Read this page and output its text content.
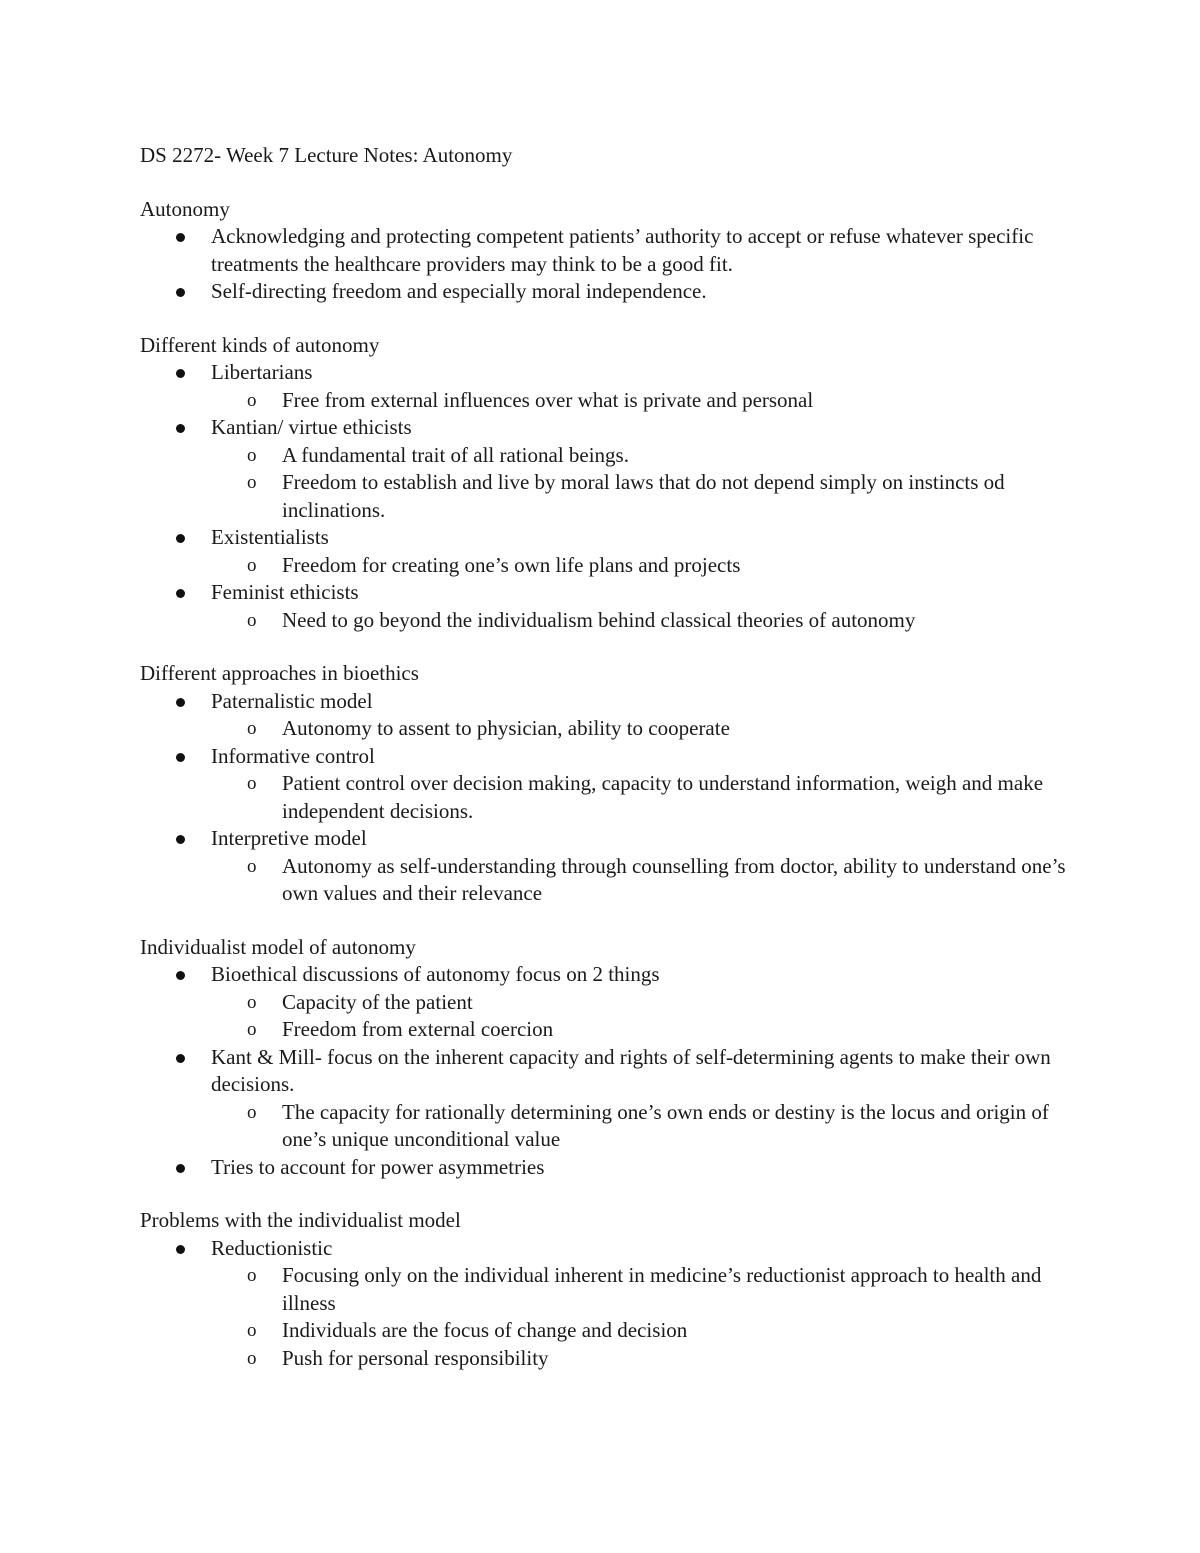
DS 2272- Week 7 Lecture Notes: Autonomy

Autonomy

Acknowledging and protecting competent patients’ authority to accept or refuse whatever specific treatments the healthcare providers may think to be a good fit.
Self-directing freedom and especially moral independence.

Different kinds of autonomy

Libertarians
o Free from external influences over what is private and personal
Kantian/ virtue ethicists
o A fundamental trait of all rational beings.
o Freedom to establish and live by moral laws that do not depend simply on instincts od inclinations.
Existentialists
o Freedom for creating one’s own life plans and projects
Feminist ethicists
o Need to go beyond the individualism behind classical theories of autonomy

Different approaches in bioethics

Paternalistic model
o Autonomy to assent to physician, ability to cooperate
Informative control
o Patient control over decision making, capacity to understand information, weigh and make independent decisions.
Interpretive model
o Autonomy as self-understanding through counselling from doctor, ability to understand one’s own values and their relevance

Individualist model of autonomy

Bioethical discussions of autonomy focus on 2 things
o Capacity of the patient
o Freedom from external coercion
Kant & Mill- focus on the inherent capacity and rights of self-determining agents to make their own decisions.
o The capacity for rationally determining one’s own ends or destiny is the locus and origin of one’s unique unconditional value
Tries to account for power asymmetries

Problems with the individualist model

Reductionistic
o Focusing only on the individual inherent in medicine’s reductionist approach to health and illness
o Individuals are the focus of change and decision
o Push for personal responsibility
